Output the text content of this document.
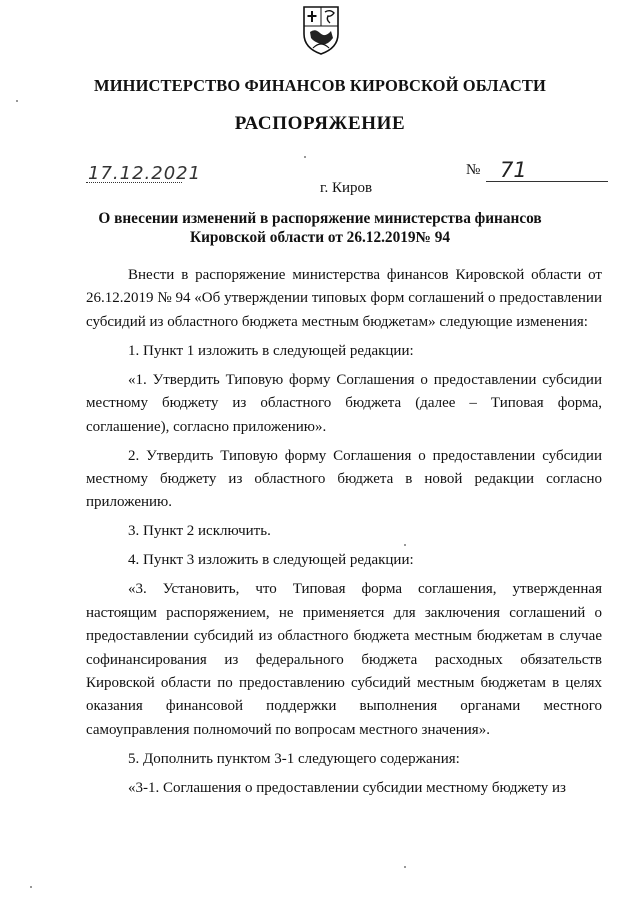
МИНИСТЕРСТВО ФИНАНСОВ КИРОВСКОЙ ОБЛАСТИ
РАСПОРЯЖЕНИЕ
17.12.2021	№ 71
г. Киров
О внесении изменений в распоряжение министерства финансов
Кировской области от 26.12.2019№ 94

Внести в распоряжение министерства финансов Кировской области от 26.12.2019 № 94 «Об утверждении типовых форм соглашений о предоставлении субсидий из областного бюджета местным бюджетам» следующие изменения:

1. Пункт 1 изложить в следующей редакции:

«1. Утвердить Типовую форму Соглашения о предоставлении субсидии местному бюджету из областного бюджета (далее – Типовая форма, соглашение), согласно приложению».

2. Утвердить Типовую форму Соглашения о предоставлении субсидии местному бюджету из областного бюджета в новой редакции согласно приложению.

3. Пункт 2 исключить.

4. Пункт 3 изложить в следующей редакции:

«3. Установить, что Типовая форма соглашения, утвержденная настоящим распоряжением, не применяется для заключения соглашений о предоставлении субсидий из областного бюджета местным бюджетам в случае софинансирования из федерального бюджета расходных обязательств Кировской области по предоставлению субсидий местным бюджетам в целях оказания финансовой поддержки выполнения органами местного самоуправления полномочий по вопросам местного значения».

5. Дополнить пунктом 3-1 следующего содержания:

«3-1. Соглашения о предоставлении субсидии местному бюджету из
